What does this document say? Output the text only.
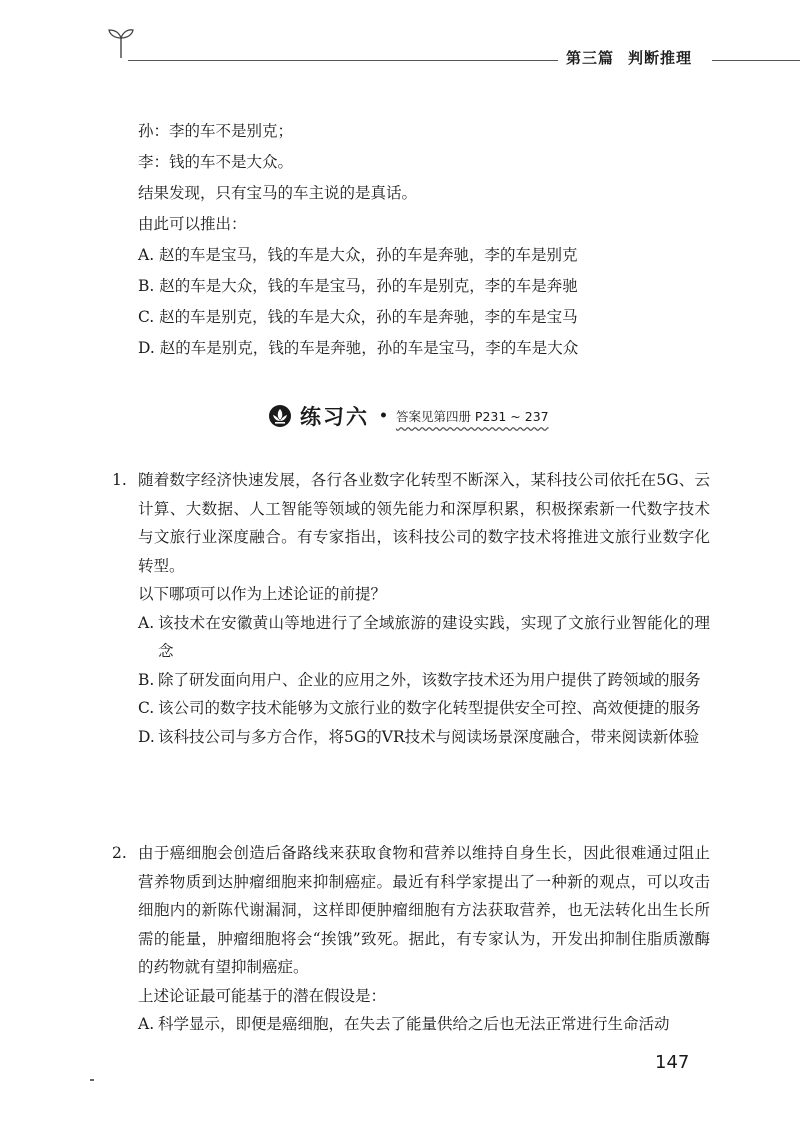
第三篇 判断推理
孙：李的车不是别克；
李：钱的车不是大众。
结果发现，只有宝马的车主说的是真话。
由此可以推出：
A. 赵的车是宝马，钱的车是大众，孙的车是奔驰，李的车是别克
B. 赵的车是大众，钱的车是宝马，孙的车是别克，李的车是奔驰
C. 赵的车是别克，钱的车是大众，孙的车是奔驰，李的车是宝马
D. 赵的车是别克，钱的车是奔驰，孙的车是宝马，李的车是大众
练习六 • 答案见第四册 P231 ~ 237
1. 随着数字经济快速发展，各行各业数字化转型不断深入，某科技公司依托在5G、云计算、大数据、人工智能等领域的领先能力和深厚积累，积极探索新一代数字技术与文旅行业深度融合。有专家指出，该科技公司的数字技术将推进文旅行业数字化转型。
以下哪项可以作为上述论证的前提？
A. 该技术在安徽黄山等地进行了全域旅游的建设实践，实现了文旅行业智能化的理念
B. 除了研发面向用户、企业的应用之外，该数字技术还为用户提供了跨领域的服务
C. 该公司的数字技术能够为文旅行业的数字化转型提供安全可控、高效便捷的服务
D. 该科技公司与多方合作，将5G的VR技术与阅读场景深度融合，带来阅读新体验
2. 由于癌细胞会创造后备路线来获取食物和营养以维持自身生长，因此很难通过阻止营养物质到达肿瘤细胞来抑制癌症。最近有科学家提出了一种新的观点，可以攻击细胞内的新陈代谢漏洞，这样即便肿瘤细胞有方法获取营养，也无法转化出生长所需的能量，肿瘤细胞将会“挨饿”致死。据此，有专家认为，开发出抑制住脂质激酶的药物就有望抑制癌症。
上述论证最可能基于的潜在假设是：
A. 科学显示，即便是癌细胞，在失去了能量供给之后也无法正常进行生命活动
147
